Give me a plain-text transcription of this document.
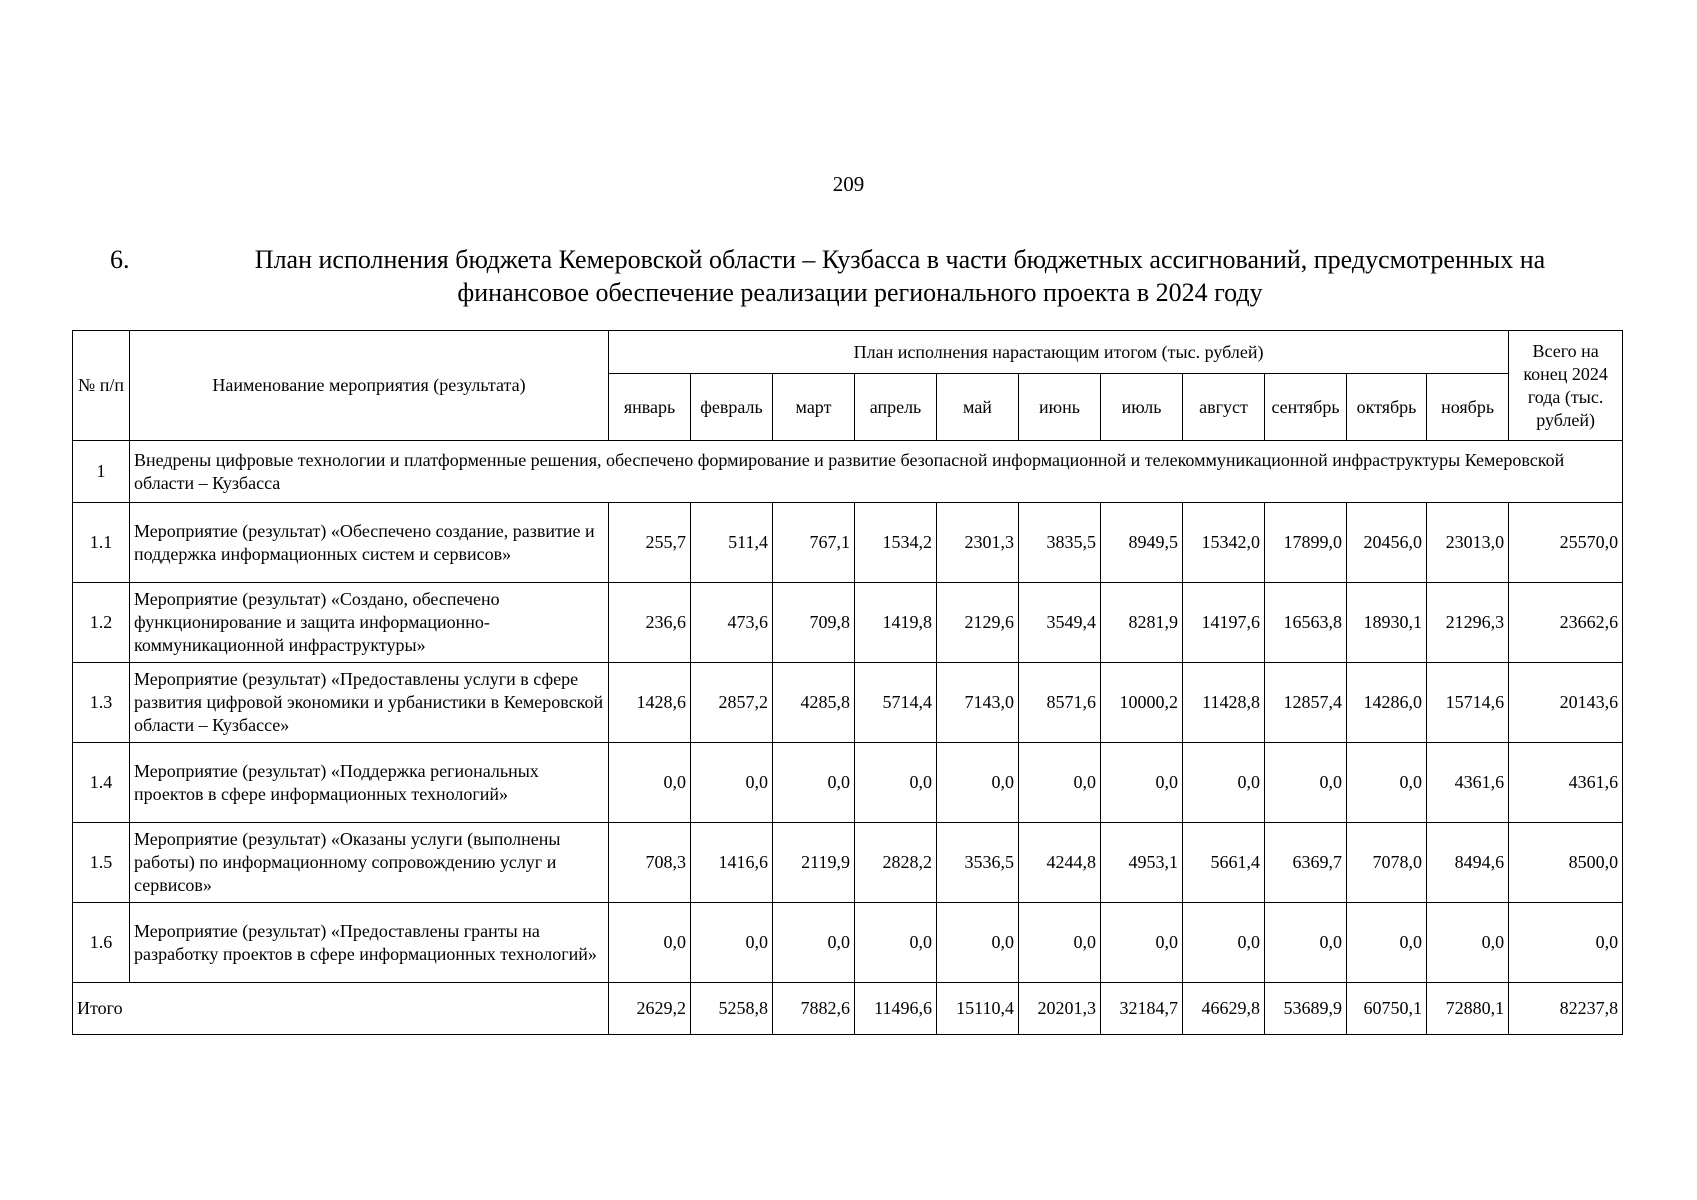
209
6.	План исполнения бюджета Кемеровской области – Кузбасса в части бюджетных ассигнований, предусмотренных на
финансовое обеспечение реализации регионального проекта в 2024 году
№ п/п	Наименование мероприятия (результата)	План исполнения нарастающим итогом (тыс. рублей)											Всего на конец 2024 года (тыс. рублей)
		январь	февраль	март	апрель	май	июнь	июль	август	сентябрь	октябрь	ноябрь	
1	Внедрены цифровые технологии и платформенные решения, обеспечено формирование и развитие безопасной информационной и телекоммуникационной инфраструктуры Кемеровской области – Кузбасса												
1.1	Мероприятие (результат) «Обеспечено создание, развитие и поддержка информационных систем и сервисов»	255,7	511,4	767,1	1534,2	2301,3	3835,5	8949,5	15342,0	17899,0	20456,0	23013,0	25570,0
1.2	Мероприятие (результат) «Создано, обеспечено функционирование и защита информационно-коммуникационной инфраструктуры»	236,6	473,6	709,8	1419,8	2129,6	3549,4	8281,9	14197,6	16563,8	18930,1	21296,3	23662,6
1.3	Мероприятие (результат) «Предоставлены услуги в сфере развития цифровой экономики и урбанистики в Кемеровской области – Кузбассе»	1428,6	2857,2	4285,8	5714,4	7143,0	8571,6	10000,2	11428,8	12857,4	14286,0	15714,6	20143,6
1.4	Мероприятие (результат) «Поддержка региональных проектов в сфере информационных технологий»	0,0	0,0	0,0	0,0	0,0	0,0	0,0	0,0	0,0	0,0	4361,6	4361,6
1.5	Мероприятие (результат) «Оказаны услуги (выполнены работы) по информационному сопровождению услуг и сервисов»	708,3	1416,6	2119,9	2828,2	3536,5	4244,8	4953,1	5661,4	6369,7	7078,0	8494,6	8500,0
1.6	Мероприятие (результат) «Предоставлены гранты на разработку проектов в сфере информационных технологий»	0,0	0,0	0,0	0,0	0,0	0,0	0,0	0,0	0,0	0,0	0,0	0,0
Итого		2629,2	5258,8	7882,6	11496,6	15110,4	20201,3	32184,7	46629,8	53689,9	60750,1	72880,1	82237,8
